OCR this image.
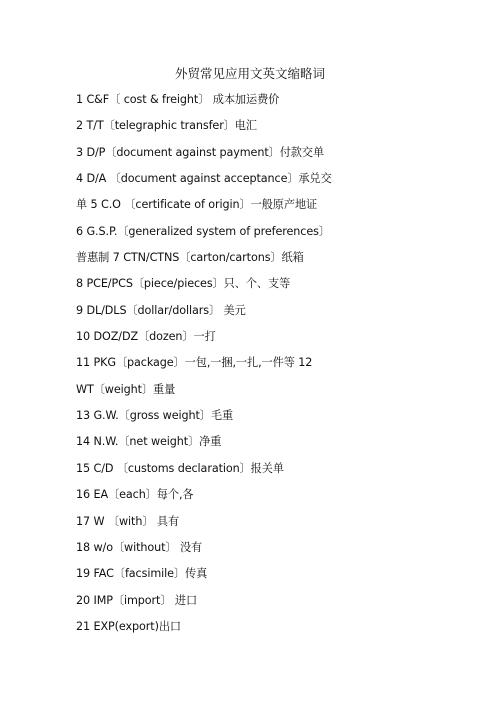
外贸常见应用文英文缩略词
1 C&F〔 cost & freight〕 成本加运费价
2 T/T〔telegraphic transfer〕电汇
3 D/P〔document against payment〕付款交单
4 D/A 〔document against acceptance〕承兑交
单 5 C.O 〔certificate of origin〕一般原产地证
6 G.S.P.〔generalized system of preferences〕
普惠制 7 CTN/CTNS〔carton/cartons〕纸箱
8 PCE/PCS〔piece/pieces〕只、个、支等
9 DL/DLS〔dollar/dollars〕 美元
10 DOZ/DZ〔dozen〕一打
11 PKG〔package〕一包,一捆,一扎,一件等 12
WT〔weight〕重量
13 G.W.〔gross weight〕毛重
14 N.W.〔net weight〕净重
15 C/D 〔customs declaration〕报关单
16 EA〔each〕每个,各
17 W 〔with〕 具有
18 w/o〔without〕 没有
19 FAC〔facsimile〕传真
20 IMP〔import〕 进口
21 EXP(export)出口
